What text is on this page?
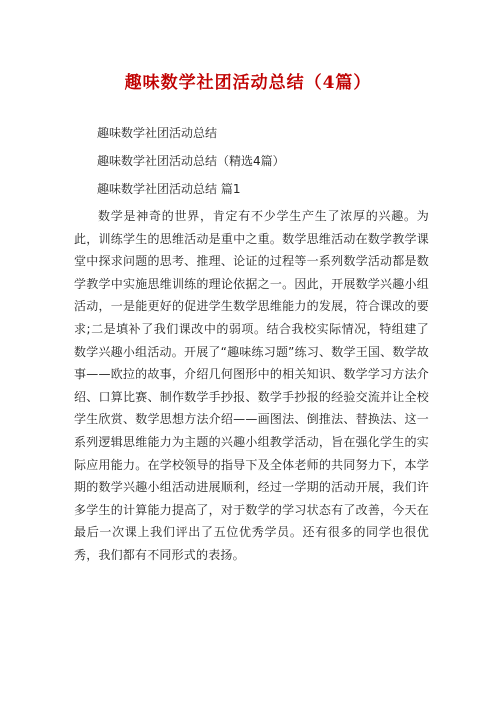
趣味数学社团活动总结（4篇）
趣味数学社团活动总结
趣味数学社团活动总结（精选4篇）
趣味数学社团活动总结 篇1

数学是神奇的世界，肯定有不少学生产生了浓厚的兴趣。为此，训练学生的思维活动是重中之重。数学思维活动在数学教学课堂中探求问题的思考、推理、论证的过程等一系列数学活动都是数学教学中实施思维训练的理论依据之一。因此，开展数学兴趣小组活动，一是能更好的促进学生数学思维能力的发展，符合课改的要求;二是填补了我们课改中的弱项。结合我校实际情况，特组建了数学兴趣小组活动。开展了“趣味练习题”练习、数学王国、数学故事——欧拉的故事，介绍几何图形中的相关知识、数学学习方法介绍、口算比赛、制作数学手抄报、数学手抄报的经验交流并让全校学生欣赏、数学思想方法介绍——画图法、倒推法、替换法、这一系列逻辑思维能力为主题的兴趣小组教学活动，旨在强化学生的实际应用能力。在学校领导的指导下及全体老师的共同努力下，本学期的数学兴趣小组活动进展顺利，经过一学期的活动开展，我们许多学生的计算能力提高了，对于数学的学习状态有了改善，今天在最后一次课上我们评出了五位优秀学员。还有很多的同学也很优秀，我们都有不同形式的表扬。
